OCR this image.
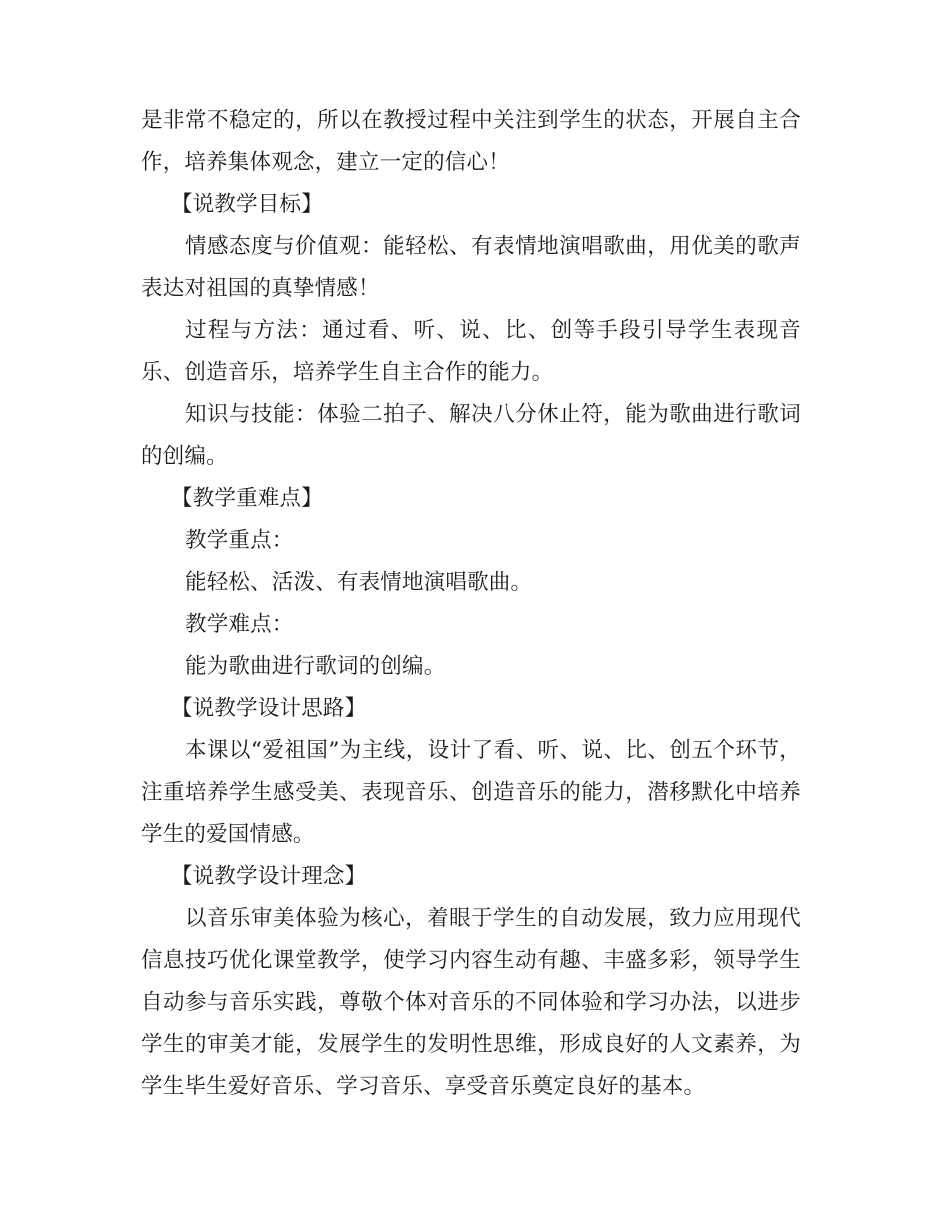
是非常不稳定的，所以在教授过程中关注到学生的状态，开展自主合作，培养集体观念，建立一定的信心！

【说教学目标】

情感态度与价值观：能轻松、有表情地演唱歌曲，用优美的歌声表达对祖国的真挚情感！

过程与方法：通过看、听、说、比、创等手段引导学生表现音乐、创造音乐，培养学生自主合作的能力。

知识与技能：体验二拍子、解决八分休止符，能为歌曲进行歌词的创编。

【教学重难点】

教学重点：

能轻松、活泼、有表情地演唱歌曲。

教学难点：

能为歌曲进行歌词的创编。

【说教学设计思路】

本课以“爱祖国”为主线，设计了看、听、说、比、创五个环节，注重培养学生感受美、表现音乐、创造音乐的能力，潜移默化中培养学生的爱国情感。

【说教学设计理念】

以音乐审美体验为核心，着眼于学生的自动发展，致力应用现代信息技巧优化课堂教学，使学习内容生动有趣、丰盛多彩，领导学生自动参与音乐实践，尊敬个体对音乐的不同体验和学习办法，以进步学生的审美才能，发展学生的发明性思维，形成良好的人文素养，为学生毕生爱好音乐、学习音乐、享受音乐奠定良好的基本。
